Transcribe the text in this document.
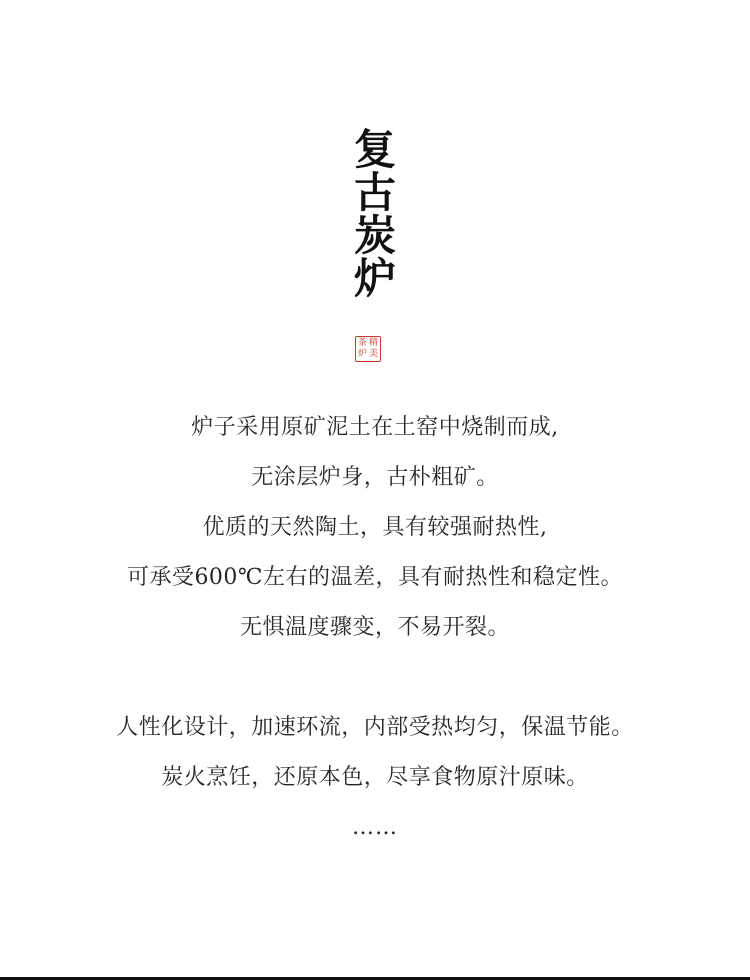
复
古
炭
炉
茶 精
炉 美
炉子采用原矿泥土在土窑中烧制而成,
无涂层炉身，古朴粗矿。
优质的天然陶土，具有较强耐热性,
可承受600℃左右的温差，具有耐热性和稳定性。
无惧温度骤变，不易开裂。
人性化设计，加速环流，内部受热均匀，保温节能。
炭火烹饪，还原本色，尽享食物原汁原味。
……
